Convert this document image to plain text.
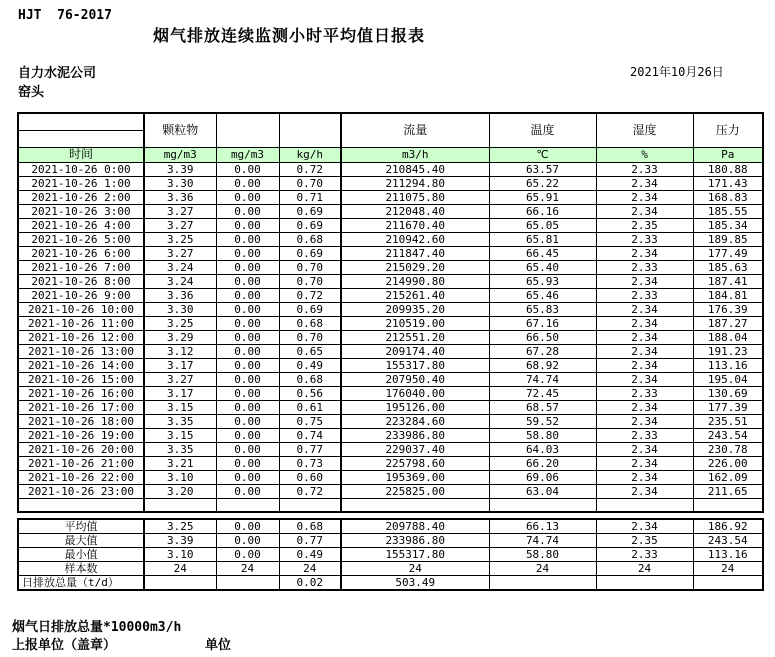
HJT  76-2017
烟气排放连续监测小时平均值日报表
自力水泥公司	2021年10月26日
窑头
	颗粒物			流量	温度	湿度	压力

时间	mg/m3	mg/m3	kg/h	m3/h	℃	%	Pa
2021-10-26 0:00	3.39	0.00	0.72	210845.40	63.57	2.33	180.88
2021-10-26 1:00	3.30	0.00	0.70	211294.80	65.22	2.34	171.43
2021-10-26 2:00	3.36	0.00	0.71	211075.80	65.91	2.34	168.83
2021-10-26 3:00	3.27	0.00	0.69	212048.40	66.16	2.34	185.55
2021-10-26 4:00	3.27	0.00	0.69	211670.40	65.05	2.35	185.34
2021-10-26 5:00	3.25	0.00	0.68	210942.60	65.81	2.33	189.85
2021-10-26 6:00	3.27	0.00	0.69	211847.40	66.45	2.34	177.49
2021-10-26 7:00	3.24	0.00	0.70	215029.20	65.40	2.33	185.63
2021-10-26 8:00	3.24	0.00	0.70	214990.80	65.93	2.34	187.41
2021-10-26 9:00	3.36	0.00	0.72	215261.40	65.46	2.33	184.81
2021-10-26 10:00	3.30	0.00	0.69	209935.20	65.83	2.34	176.39
2021-10-26 11:00	3.25	0.00	0.68	210519.00	67.16	2.34	187.27
2021-10-26 12:00	3.29	0.00	0.70	212551.20	66.50	2.34	188.04
2021-10-26 13:00	3.12	0.00	0.65	209174.40	67.28	2.34	191.23
2021-10-26 14:00	3.17	0.00	0.49	155317.80	68.92	2.34	113.16
2021-10-26 15:00	3.27	0.00	0.68	207950.40	74.74	2.34	195.04
2021-10-26 16:00	3.17	0.00	0.56	176040.00	72.45	2.33	130.69
2021-10-26 17:00	3.15	0.00	0.61	195126.00	68.57	2.34	177.39
2021-10-26 18:00	3.35	0.00	0.75	223284.60	59.52	2.34	235.51
2021-10-26 19:00	3.15	0.00	0.74	233986.80	58.80	2.33	243.54
2021-10-26 20:00	3.35	0.00	0.77	229037.40	64.03	2.34	230.78
2021-10-26 21:00	3.21	0.00	0.73	225798.60	66.20	2.34	226.00
2021-10-26 22:00	3.10	0.00	0.60	195369.00	69.06	2.34	162.09
2021-10-26 23:00	3.20	0.00	0.72	225825.00	63.04	2.34	211.65

平均值	3.25	0.00	0.68	209788.40	66.13	2.34	186.92
最大值	3.39	0.00	0.77	233986.80	74.74	2.35	243.54
最小值	3.10	0.00	0.49	155317.80	58.80	2.33	113.16
样本数	24	24	24	24	24	24	24
日排放总量（t/d）			0.02	503.49			
烟气日排放总量*10000m3/h
上报单位（盖章）	单位
